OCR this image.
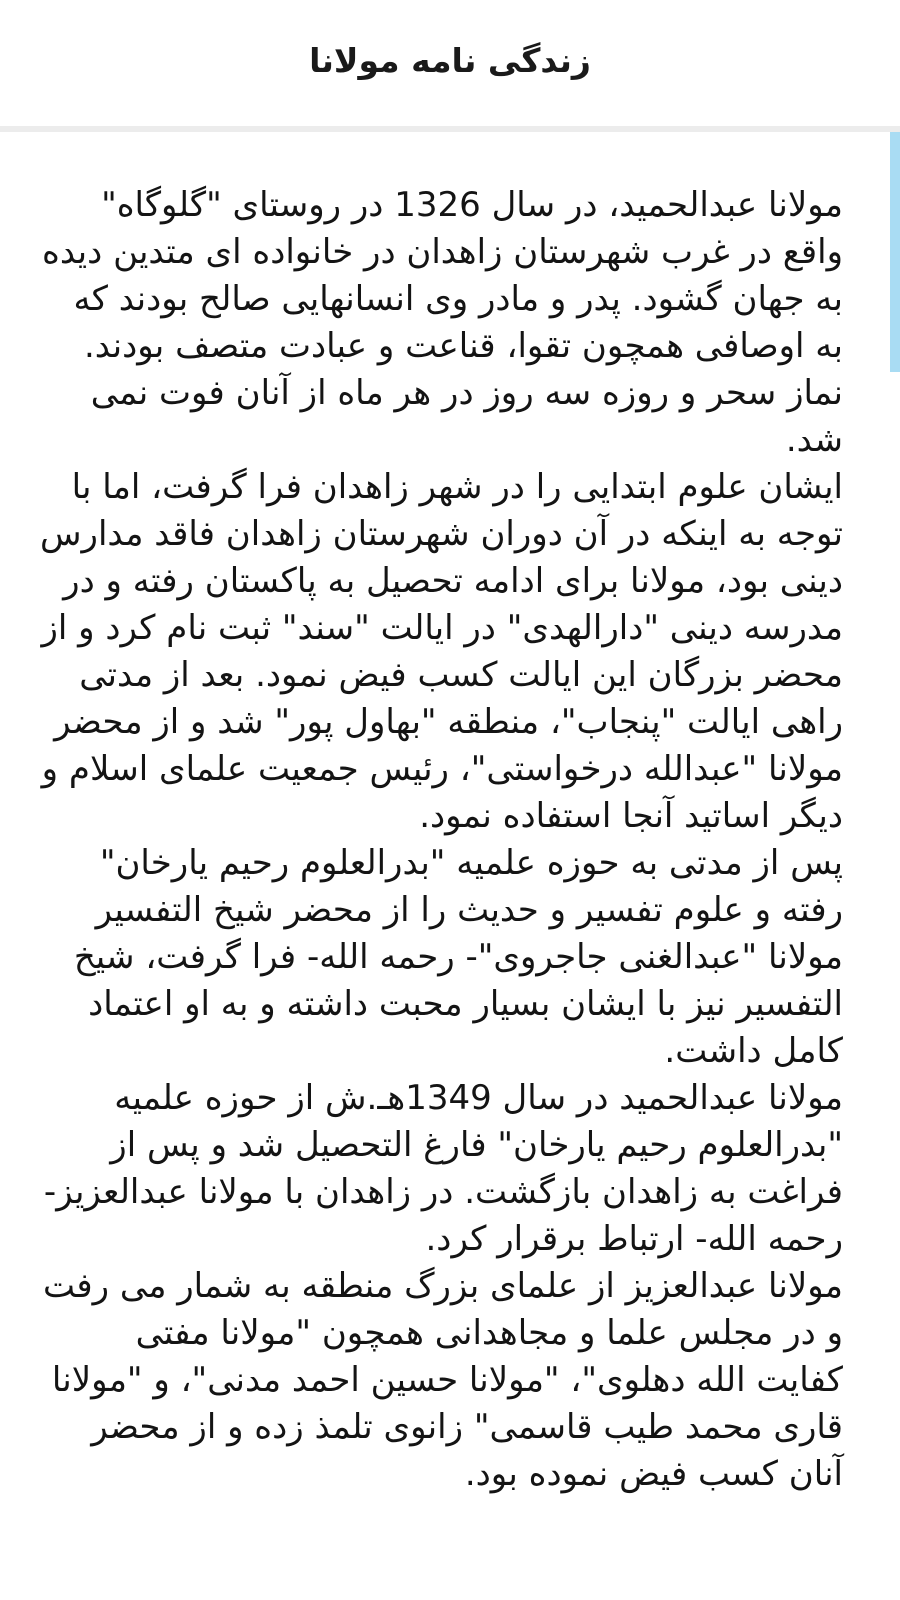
زندگی نامه مولانا

مولانا عبدالحمید، در سال 1326 در روستای "گلوگاه" واقع در غرب شهرستان زاهدان در خانواده ای متدین دیده به جهان گشود. پدر و مادر وی انسانهایی صالح بودند که به اوصافی همچون تقوا، قناعت و عبادت متصف بودند. نماز سحر و روزه سه روز در هر ماه از آنان فوت نمی شد.

ایشان علوم ابتدایی را در شهر زاهدان فرا گرفت، اما با توجه به اینکه در آن دوران شهرستان زاهدان فاقد مدارس دینی بود، مولانا برای ادامه تحصیل به پاکستان رفته و در مدرسه دینی "دارالهدی" در ایالت "سند" ثبت نام کرد و از محضر بزرگان این ایالت کسب فیض نمود. بعد از مدتی راهی ایالت "پنجاب"، منطقه "بهاول پور" شد و از محضر مولانا "عبدالله درخواستی"، رئیس جمعیت علمای اسلام و دیگر اساتید آنجا استفاده نمود.

پس از مدتی به حوزه علمیه "بدرالعلوم رحیم یارخان" رفته و علوم تفسیر و حدیث را از محضر شیخ التفسیر مولانا "عبدالغنی جاجروی"- رحمه الله- فرا گرفت، شیخ التفسیر نیز با ایشان بسیار محبت داشته و به او اعتماد کامل داشت.

مولانا عبدالحمید در سال 1349هـ.ش از حوزه علمیه "بدرالعلوم رحیم یارخان" فارغ التحصیل شد و پس از فراغت به زاهدان بازگشت. در زاهدان با مولانا عبدالعزیز- رحمه الله- ارتباط برقرار کرد.

مولانا عبدالعزیز از علمای بزرگ منطقه به شمار می رفت و در مجلس علما و مجاهدانی همچون "مولانا مفتی کفایت الله دهلوی"، "مولانا حسین احمد مدنی"، و "مولانا قاری محمد طیب قاسمی" زانوی تلمذ زده و از محضر آنان کسب فیض نموده بود.
